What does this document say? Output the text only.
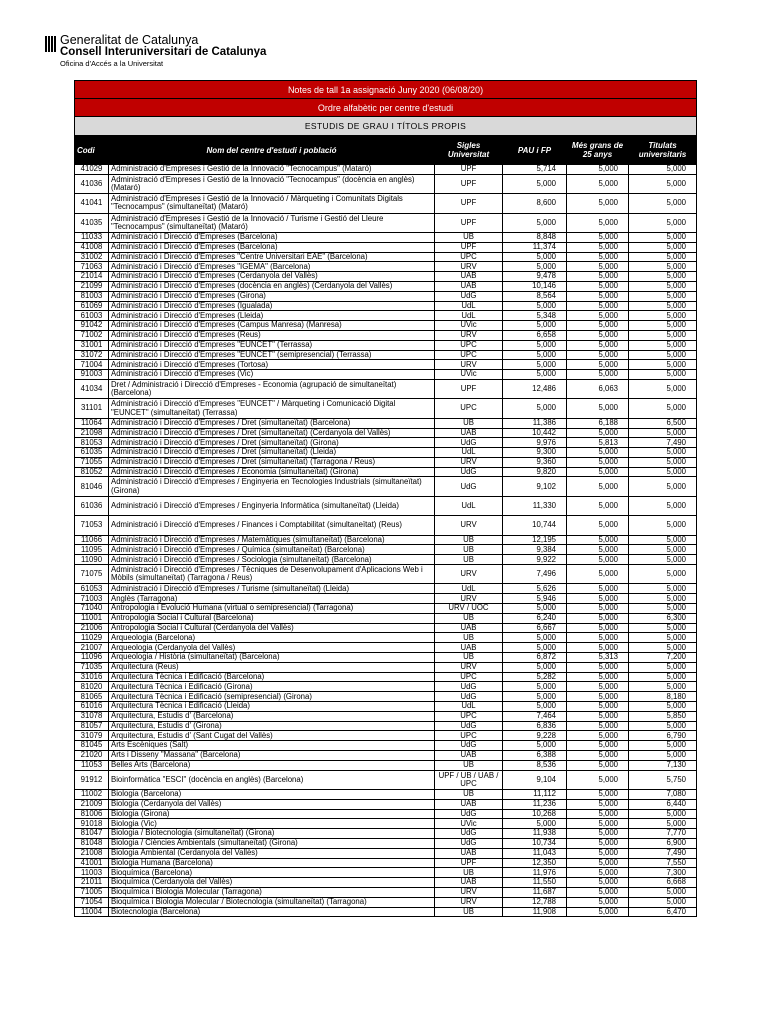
Generalitat de Catalunya
Consell Interuniversitari de Catalunya
Oficina d'Accés a la Universitat
Notes de tall 1a assignació Juny 2020 (06/08/20)					
Ordre alfabètic per centre d'estudi					
ESTUDIS DE GRAU I TÍTOLS PROPIS					
Codi	Nom del centre d'estudi i població	Sigles Universitat	PAU i FP	Més grans de 25 anys	Titulats universitaris
41029	Administració d'Empreses i Gestió de la Innovació "Tecnocampus" (Mataró)	UPF	5,714	5,000	5,000
41036	Administració d'Empreses i Gestió de la Innovació "Tecnocampus" (docència en anglès) (Mataró)	UPF	5,000	5,000	5,000
41041	Administració d'Empreses i Gestió de la Innovació / Màrqueting i Comunitats Digitals "Tecnocampus" (simultaneïtat) (Mataró)	UPF	8,600	5,000	5,000
41035	Administració d'Empreses i Gestió de la Innovació / Turisme i Gestió del Lleure "Tecnocampus" (simultaneïtat) (Mataró)	UPF	5,000	5,000	5,000
11033	Administració i Direcció d'Empreses (Barcelona)	UB	8,848	5,000	5,000
41008	Administració i Direcció d'Empreses (Barcelona)	UPF	11,374	5,000	5,000
31002	Administració i Direcció d'Empreses "Centre Universitari EAE" (Barcelona)	UPC	5,000	5,000	5,000
71063	Administració i Direcció d'Empreses "IGEMA" (Barcelona)	URV	5,000	5,000	5,000
21014	Administració i Direcció d'Empreses (Cerdanyola del Vallès)	UAB	9,478	5,000	5,000
21099	Administració i Direcció d'Empreses (docència en anglès) (Cerdanyola del Vallès)	UAB	10,146	5,000	5,000
81003	Administració i Direcció d'Empreses (Girona)	UdG	8,564	5,000	5,000
61069	Administració i Direcció d'Empreses (Igualada)	UdL	5,000	5,000	5,000
61003	Administració i Direcció d'Empreses (Lleida)	UdL	5,348	5,000	5,000
91042	Administració i Direcció d'Empreses (Campus Manresa) (Manresa)	UVic	5,000	5,000	5,000
71002	Administració i Direcció d'Empreses (Reus)	URV	6,658	5,000	5,000
31001	Administració i Direcció d'Empreses "EUNCET" (Terrassa)	UPC	5,000	5,000	5,000
31072	Administració i Direcció d'Empreses "EUNCET" (semipresencial) (Terrassa)	UPC	5,000	5,000	5,000
71004	Administració i Direcció d'Empreses (Tortosa)	URV	5,000	5,000	5,000
91003	Administració i Direcció d'Empreses (Vic)	UVic	5,000	5,000	5,000
41034	Dret / Administració i Direcció d'Empreses - Economia (agrupació de simultaneïtat) (Barcelona)	UPF	12,486	6,063	5,000
31101	Administració i Direcció d'Empreses "EUNCET" / Màrqueting i Comunicació Digital "EUNCET" (simultaneïtat) (Terrassa)	UPC	5,000	5,000	5,000
11064	Administració i Direcció d'Empreses / Dret (simultaneïtat) (Barcelona)	UB	11,386	6,188	6,500
21098	Administració i Direcció d'Empreses / Dret (simultaneïtat) (Cerdanyola del Vallès)	UAB	10,442	5,000	5,000
81053	Administració i Direcció d'Empreses / Dret (simultaneïtat) (Girona)	UdG	9,976	5,813	7,490
61035	Administració i Direcció d'Empreses / Dret (simultaneïtat) (Lleida)	UdL	9,300	5,000	5,000
71055	Administració i Direcció d'Empreses / Dret (simultaneïtat) (Tarragona / Reus)	URV	9,360	5,000	5,000
81052	Administració i Direcció d'Empreses / Economia (simultaneïtat) (Girona)	UdG	9,820	5,000	5,000
81046	Administració i Direcció d'Empreses / Enginyeria en Tecnologies Industrials (simultaneïtat) (Girona)	UdG	9,102	5,000	5,000
61036	Administració i Direcció d'Empreses / Enginyeria Informàtica (simultaneïtat) (Lleida)	UdL	11,330	5,000	5,000
71053	Administració i Direcció d'Empreses / Finances i Comptabilitat (simultaneïtat) (Reus)	URV	10,744	5,000	5,000
11066	Administració i Direcció d'Empreses / Matemàtiques (simultaneïtat) (Barcelona)	UB	12,195	5,000	5,000
11095	Administració i Direcció d'Empreses / Química (simultaneïtat) (Barcelona)	UB	9,384	5,000	5,000
11090	Administració i Direcció d'Empreses / Sociologia (simultaneïtat) (Barcelona)	UB	9,922	5,000	5,000
71075	Administració i Direcció d'Empreses / Tècniques de Desenvolupament d'Aplicacions Web i Mòbils (simultaneïtat) (Tarragona / Reus)	URV	7,496	5,000	5,000
61053	Administració i Direcció d'Empreses / Turisme (simultaneïtat) (Lleida)	UdL	5,626	5,000	5,000
71003	Anglès (Tarragona)	URV	5,946	5,000	5,000
71040	Antropologia i Evolució Humana (virtual o semipresencial) (Tarragona)	URV / UOC	5,000	5,000	5,000
11001	Antropologia Social i Cultural (Barcelona)	UB	6,240	5,000	6,300
21006	Antropologia Social i Cultural (Cerdanyola del Vallès)	UAB	6,667	5,000	5,000
11029	Arqueologia (Barcelona)	UB	5,000	5,000	5,000
21007	Arqueologia (Cerdanyola del Vallès)	UAB	5,000	5,000	5,000
11096	Arqueologia / Història (simultaneïtat) (Barcelona)	UB	6,872	5,313	7,200
71035	Arquitectura (Reus)	URV	5,000	5,000	5,000
31016	Arquitectura Tècnica i Edificació (Barcelona)	UPC	5,282	5,000	5,000
81020	Arquitectura Tècnica i Edificació (Girona)	UdG	5,000	5,000	5,000
81065	Arquitectura Tècnica i Edificació (semipresencial) (Girona)	UdG	5,000	5,000	8,180
61016	Arquitectura Tècnica i Edificació (Lleida)	UdL	5,000	5,000	5,000
31078	Arquitectura, Estudis d' (Barcelona)	UPC	7,464	5,000	5,850
81057	Arquitectura, Estudis d' (Girona)	UdG	6,836	5,000	5,000
31079	Arquitectura, Estudis d' (Sant Cugat del Vallès)	UPC	9,228	5,000	6,790
81045	Arts Escèniques (Salt)	UdG	5,000	5,000	5,000
21020	Arts i Disseny "Massana" (Barcelona)	UAB	6,388	5,000	5,000
11053	Belles Arts (Barcelona)	UB	8,536	5,000	7,130
91912	Bioinformàtica "ESCI" (docència en anglès) (Barcelona)	UPF / UB / UAB / UPC	9,104	5,000	5,750
11002	Biologia (Barcelona)	UB	11,112	5,000	7,080
21009	Biologia (Cerdanyola del Vallès)	UAB	11,236	5,000	6,440
81006	Biologia (Girona)	UdG	10,268	5,000	5,000
91018	Biologia (Vic)	UVic	5,000	5,000	5,000
81047	Biologia / Biotecnologia (simultaneïtat) (Girona)	UdG	11,938	5,000	7,770
81048	Biologia / Ciències Ambientals (simultaneïtat) (Girona)	UdG	10,734	5,000	6,900
21008	Biologia Ambiental (Cerdanyola del Vallès)	UAB	11,043	5,000	7,490
41001	Biologia Humana (Barcelona)	UPF	12,350	5,000	7,550
11003	Bioquímica (Barcelona)	UB	11,976	5,000	7,300
21011	Bioquímica (Cerdanyola del Vallès)	UAB	11,550	5,000	6,668
71005	Bioquímica i Biologia Molecular (Tarragona)	URV	11,687	5,000	5,000
71054	Bioquímica i Biologia Molecular / Biotecnologia (simultaneïtat) (Tarragona)	URV	12,788	5,000	5,000
11004	Biotecnologia (Barcelona)	UB	11,908	5,000	6,470
